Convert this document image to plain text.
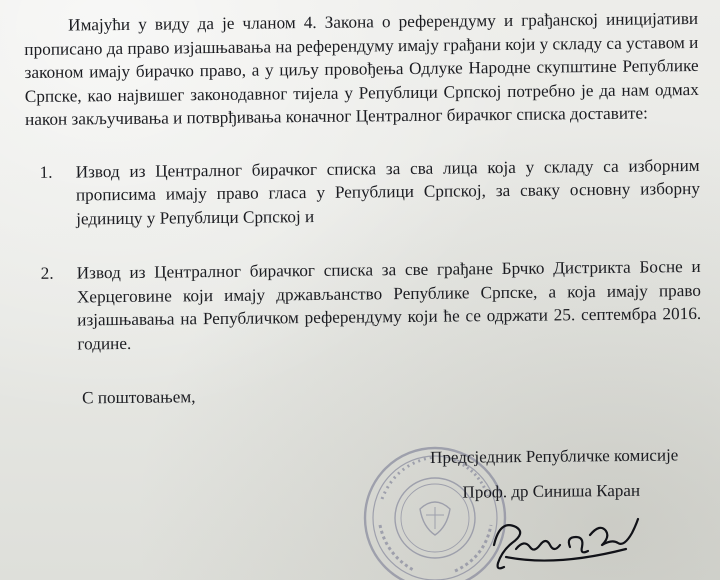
Имајући у виду да је чланом 4. Закона о референдуму и грађанској иницијативи прописано да право изјашњавања на референдуму имају грађани који у складу са уставом и законом имају бирачко право, а у циљу провођења Одлуке Народне скупштине Републике Српске, као највишег законодавног тијела у Републици Српској потребно је да нам одмах након закључивања и потврђивања коначног Централног бирачког списка доставите:

1. Извод из Централног бирачког списка за сва лица која у складу са изборним прописима имају право гласа у Републици Српској, за сваку основну изборну јединицу у Републици Српској и
2. Извод из Централног бирачког списка за све грађане Брчко Дистрикта Босне и Херцеговине који имају држављанство Републике Српске, а која имају право изјашњавања на Републичком референдуму који ће се одржати 25. септембра 2016. године.
С поштовањем,
Предсједник Републичке комисије
Проф. др Синиша Каран
